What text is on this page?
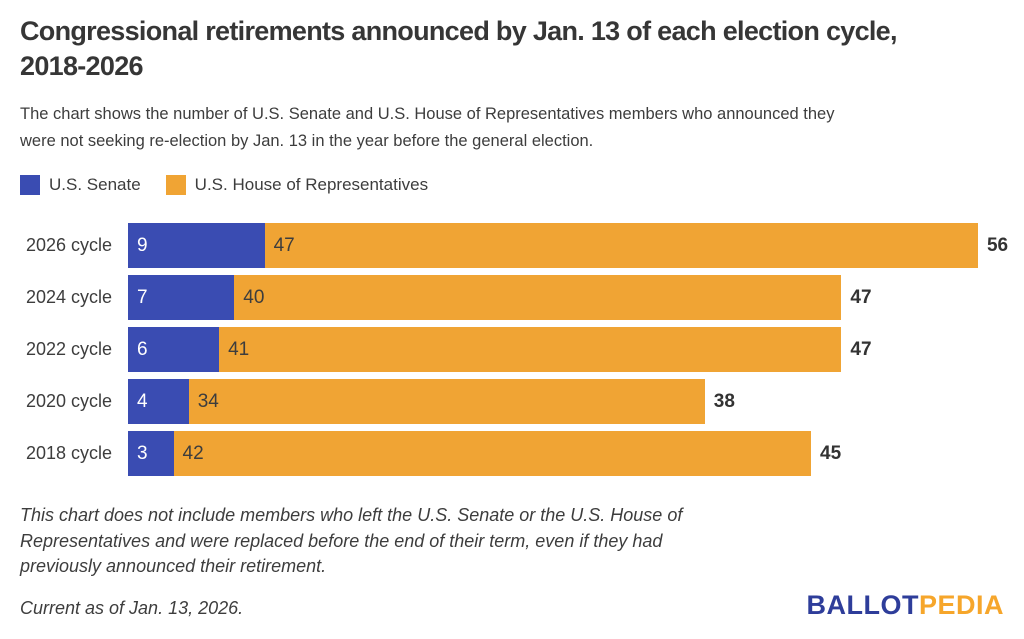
Congressional retirements announced by Jan. 13 of each election cycle,
2018-2026

The chart shows the number of U.S. Senate and U.S. House of Representatives members who announced they
were not seeking re-election by Jan. 13 in the year before the general election.

U.S. Senate	U.S. House of Representatives
2026 cycle	9	47	56
2024 cycle	7	40	47
2022 cycle	6	41	47
2020 cycle	4	34	38
2018 cycle	3	42	45

This chart does not include members who left the U.S. Senate or the U.S. House of
Representatives and were replaced before the end of their term, even if they had
previously announced their retirement.

Current as of Jan. 13, 2026.	BALLOTPEDIA
